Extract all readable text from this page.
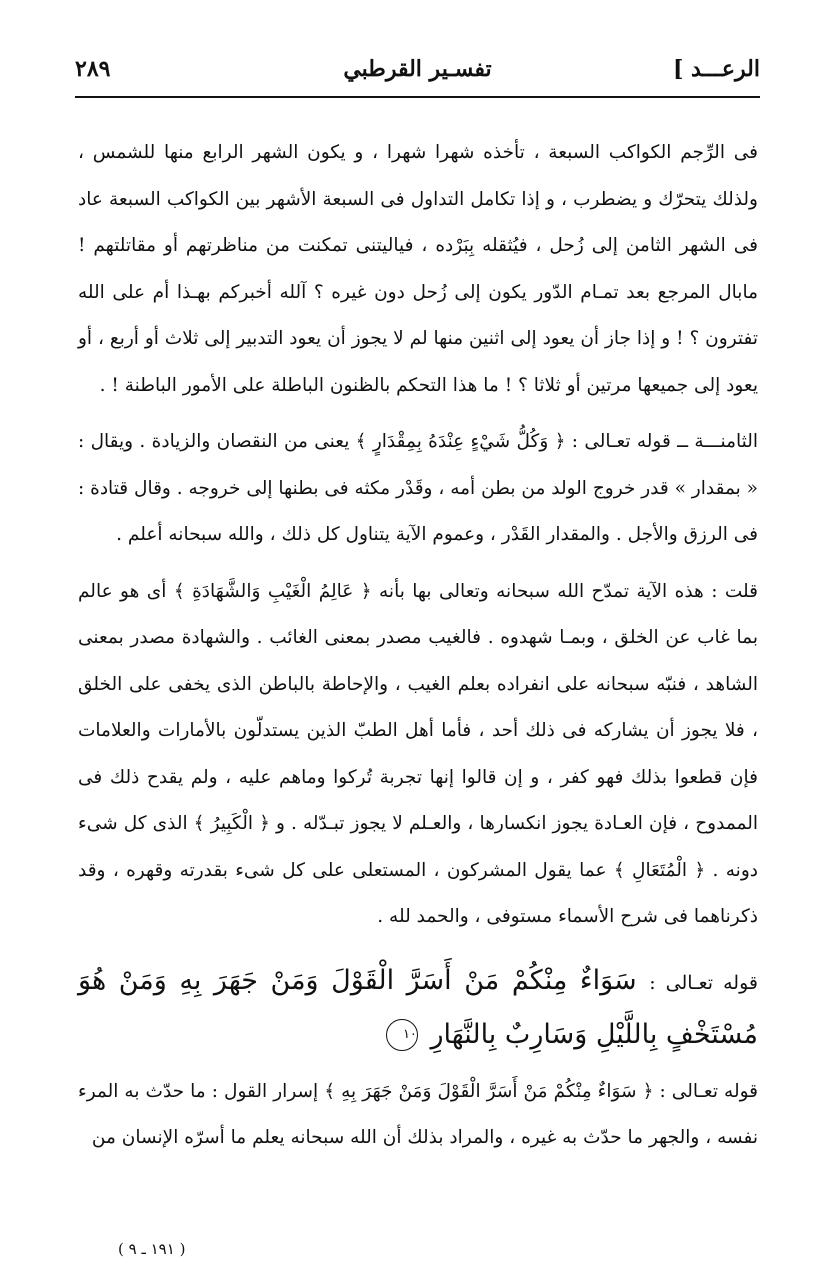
الرعـــد ]
تفسـير القرطبي
٢٨٩

فى الرِّجم الكواكب السبعة ، تأخذه شهرا شهرا ، و يكون الشهر الرابع منها للشمس ، ولذلك يتحرّك و يضطرب ، و إذا تكامل التداول فى السبعة الأشهر بين الكواكب السبعة عاد فى الشهر الثامن إلى زُحل ، فيُثقله بِبَرْده ، فياليتنى تمكنت من مناظرتهم أو مقاتلتهم ! مابال المرجع بعد تمـام الدّور يكون إلى زُحل دون غيره ؟ آلله أخبركم بهـذا أم على الله تفترون ؟ ! و إذا جاز أن يعود إلى اثنين منها لم لا يجوز أن يعود التدبير إلى ثلاث أو أربع ، أو يعود إلى جميعها مرتين أو ثلاثا ؟ ! ما هذا التحكم بالظنون الباطلة على الأمور الباطنة ! .

الثامنـــة ــ قوله تعـالى : ﴿ وَكُلُّ شَيْءٍ عِنْدَهُ بِمِقْدَارٍ ﴾ يعنى من النقصان والزيادة . ويقال : « بمقدار » قدر خروج الولد من بطن أمه ، وقَدْر مكثه فى بطنها إلى خروجه . وقال قتادة : فى الرزق والأجل . والمقدار القَدْر ، وعموم الآية يتناول كل ذلك ، والله سبحانه أعلم .

قلت : هذه الآية تمدّح الله سبحانه وتعالى بها بأنه ﴿ عَالِمُ الْغَيْبِ وَالشَّهَادَةِ ﴾ أى هو عالم بما غاب عن الخلق ، وبمـا شهدوه . فالغيب مصدر بمعنى الغائب . والشهادة مصدر بمعنى الشاهد ، فنبّه سبحانه على انفراده بعلم الغيب ، والإحاطة بالباطن الذى يخفى على الخلق ، فلا يجوز أن يشاركه فى ذلك أحد ، فأما أهل الطبّ الذين يستدلّون بالأمارات والعلامات فإن قطعوا بذلك فهو كفر ، و إن قالوا إنها تجربة تُركوا وماهم عليه ، ولم يقدح ذلك فى الممدوح ، فإن العـادة يجوز انكسارها ، والعـلم لا يجوز تبـدّله . و ﴿ الْكَبِيرُ ﴾ الذى كل شىء دونه . ﴿ الْمُتَعَالِ ﴾ عما يقول المشركون ، المستعلى على كل شىء بقدرته وقهره ، وقد ذكرناهما فى شرح الأسماء مستوفى ، والحمد لله .

قوله تعـالى : سَوَاءٌ مِنْكُمْ مَنْ أَسَرَّ الْقَوْلَ وَمَنْ جَهَرَ بِهِ وَمَنْ هُوَ مُسْتَخْفٍ بِاللَّيْلِ وَسَارِبٌ بِالنَّهَارِ ١٠

قوله تعـالى : ﴿ سَوَاءٌ مِنْكُمْ مَنْ أَسَرَّ الْقَوْلَ وَمَنْ جَهَرَ بِهِ ﴾ إسرار القول : ما حدّث به المرء نفسه ، والجهر ما حدّث به غيره ، والمراد بذلك أن الله سبحانه يعلم ما أسرّه الإنسان من

( ١٩١ ـ ٩ )
